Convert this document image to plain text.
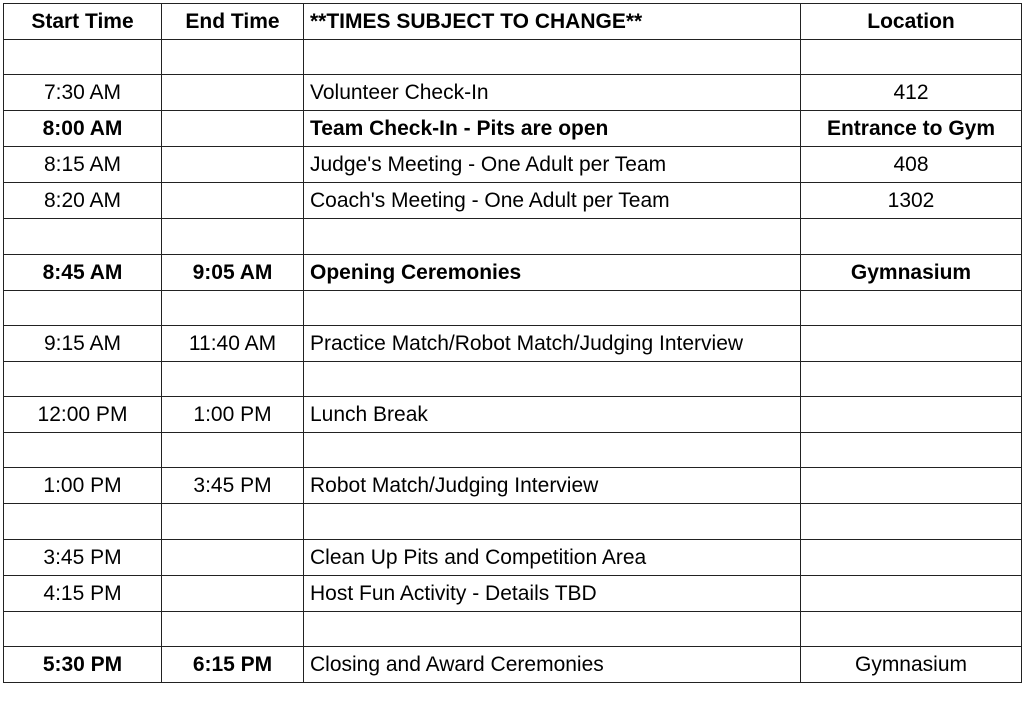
Start Time	End Time	**TIMES SUBJECT TO CHANGE**	Location

7:30 AM		Volunteer Check-In	412
8:00 AM		Team Check-In - Pits are open	Entrance to Gym
8:15 AM		Judge's Meeting - One Adult per Team	408
8:20 AM		Coach's Meeting - One Adult per Team	1302

8:45 AM	9:05 AM	Opening Ceremonies	Gymnasium

9:15 AM	11:40 AM	Practice Match/Robot Match/Judging Interview	

12:00 PM	1:00 PM	Lunch Break	

1:00 PM	3:45 PM	Robot Match/Judging Interview	

3:45 PM		Clean Up Pits and Competition Area	
4:15 PM		Host Fun Activity - Details TBD	

5:30 PM	6:15 PM	Closing and Award Ceremonies	Gymnasium
